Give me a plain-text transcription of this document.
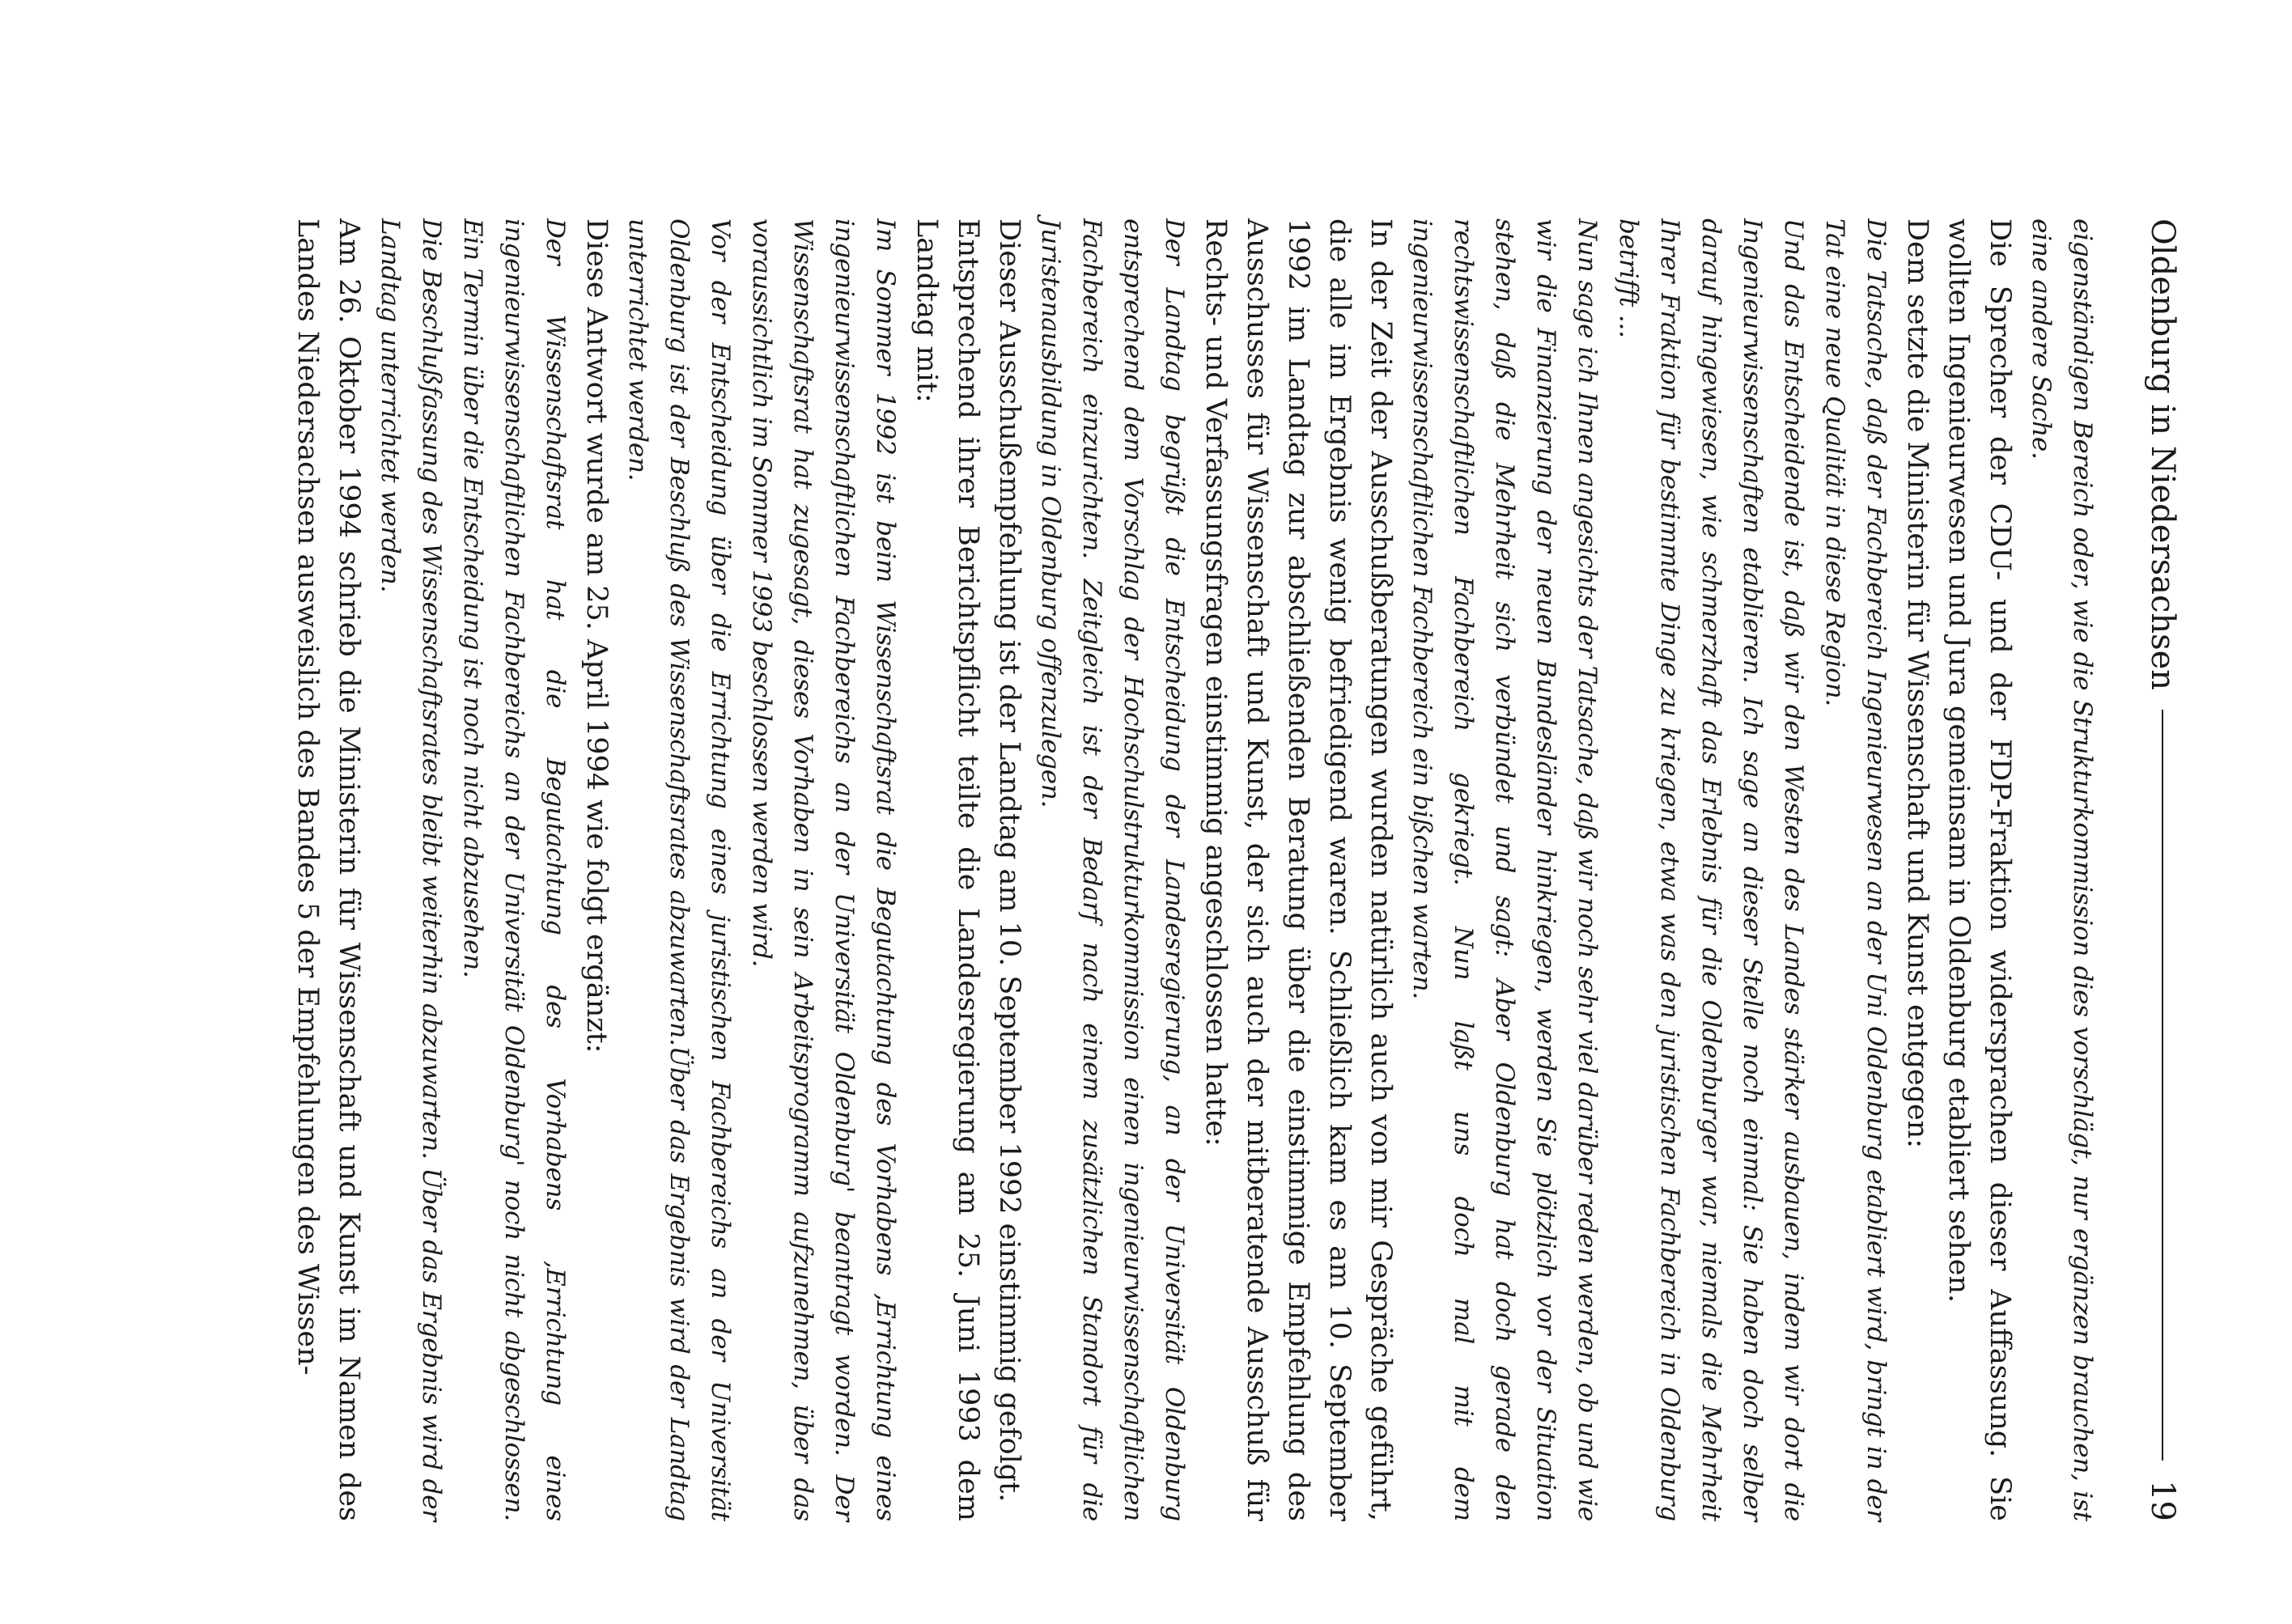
Oldenburg in Niedersachsen
19

eigenständigen Bereich oder, wie die Strukturkommission dies vorschlägt, nur ergänzen brauchen, ist eine andere Sache.

Die Sprecher der CDU- und der FDP-Fraktion widersprachen dieser Auffassung. Sie wollten Ingenieurwesen und Jura gemeinsam in Oldenburg etabliert sehen.

Dem setzte die Ministerin für Wissenschaft und Kunst entgegen:

Die Tatsache, daß der Fachbereich Ingenieurwesen an der Uni Oldenburg etabliert wird, bringt in der Tat eine neue Qualität in diese Region.

Und das Entscheidende ist, daß wir den Westen des Landes stärker ausbauen, indem wir dort die Ingenieurwissenschaften etablieren. Ich sage an dieser Stelle noch einmal: Sie haben doch selber darauf hingewiesen, wie schmerzhaft das Erlebnis für die Oldenburger war, niemals die Mehrheit Ihrer Fraktion für bestimmte Dinge zu kriegen, etwa was den juristischen Fachbereich in Oldenburg betrifft ...

Nun sage ich Ihnen angesichts der Tatsache, daß wir noch sehr viel darüber reden werden, ob und wie wir die Finanzierung der neuen Bundesländer hinkriegen, werden Sie plötzlich vor der Situation stehen, daß die Mehrheit sich verbündet und sagt: Aber Oldenburg hat doch gerade den rechtswissenschaftlichen Fachbereich gekriegt. Nun laßt uns doch mal mit dem ingenieurwissenschaftlichen Fachbereich ein bißchen warten.

In der Zeit der Ausschußberatungen wurden natürlich auch von mir Gespräche geführt, die alle im Ergebnis wenig befriedigend waren. Schließlich kam es am 10. September 1992 im Landtag zur abschließenden Beratung über die einstimmige Empfehlung des Ausschusses für Wissenschaft und Kunst, der sich auch der mitberatende Ausschuß für Rechts- und Verfassungsfragen einstimmig angeschlossen hatte:

Der Landtag begrüßt die Entscheidung der Landesregierung, an der Universität Oldenburg entsprechend dem Vorschlag der Hochschulstrukturkommission einen ingenieurwissenschaftlichen Fachbereich einzurichten. Zeitgleich ist der Bedarf nach einem zusätzlichen Standort für die Juristenausbildung in Oldenburg offenzulegen.

Dieser Ausschußempfehlung ist der Landtag am 10. September 1992 einstimmig gefolgt.

Entsprechend ihrer Berichtspflicht teilte die Landesregierung am 25. Juni 1993 dem Landtag mit:

Im Sommer 1992 ist beim Wissenschaftsrat die Begutachtung des Vorhabens ‚Errichtung eines ingenieurwissenschaftlichen Fachbereichs an der Universität Oldenburg' beantragt worden. Der Wissenschaftsrat hat zugesagt, dieses Vorhaben in sein Arbeitsprogramm aufzunehmen, über das voraussichtlich im Sommer 1993 beschlossen werden wird.

Vor der Entscheidung über die Errichtung eines juristischen Fachbereichs an der Universität Oldenburg ist der Beschluß des Wissenschaftsrates abzuwarten.Über das Ergebnis wird der Landtag unterrichtet werden.

Diese Antwort wurde am 25. April 1994 wie folgt ergänzt:

Der Wissenschaftsrat hat die Begutachtung des Vorhabens ‚Errichtung eines ingenieurwissenschaftlichen Fachbereichs an der Universität Oldenburg' noch nicht abgeschlossen. Ein Termin über die Entscheidung ist noch nicht abzusehen.

Die Beschlußfassung des Wissenschaftsrates bleibt weiterhin abzuwarten. Über das Ergebnis wird der Landtag unterrichtet werden.

Am 26. Oktober 1994 schrieb die Ministerin für Wissenschaft und Kunst im Namen des Landes Niedersachsen ausweislich des Bandes 5 der Empfehlungen des Wissen-
